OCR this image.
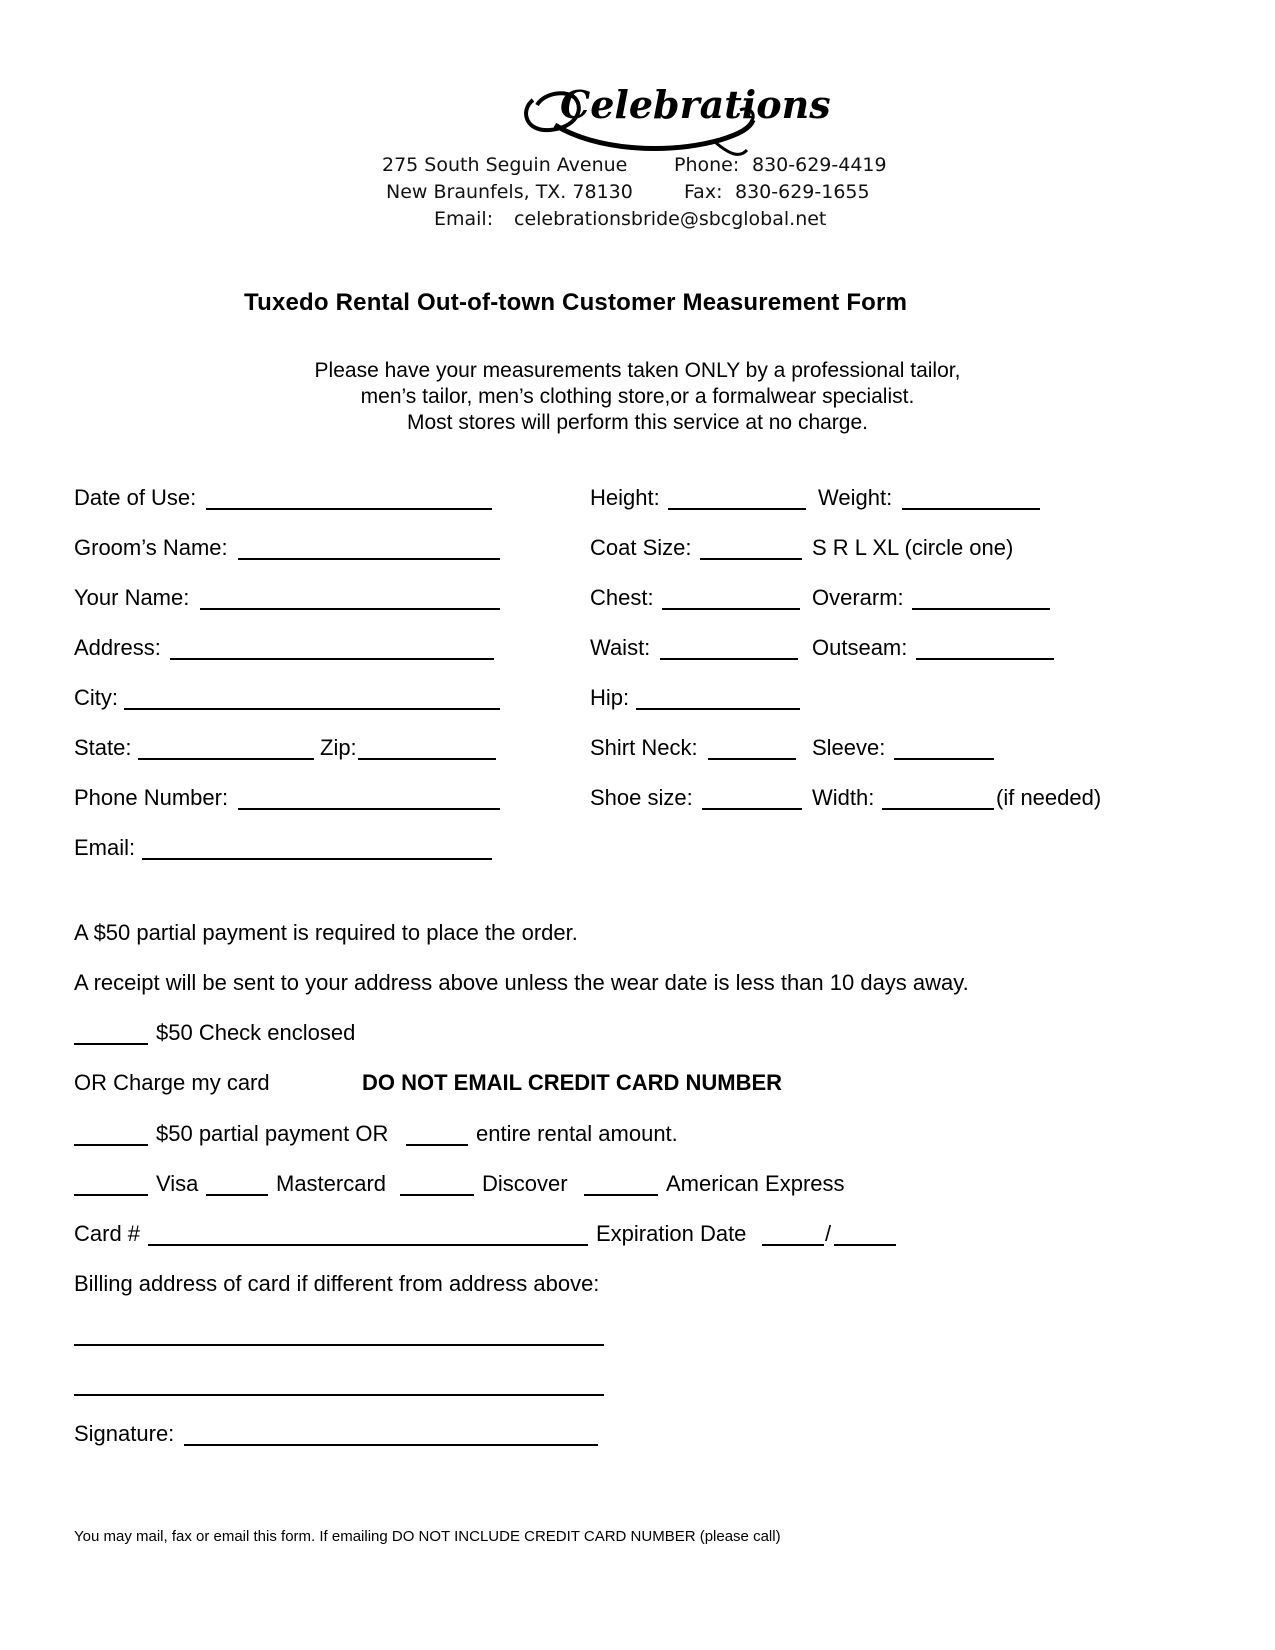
Celebrations
275 South Seguin Avenue
New Braunfels, TX. 78130
Phone: 830-629-4419
Fax: 830-629-1655
Email: celebrationsbride@sbcglobal.net
Tuxedo Rental Out-of-town Customer Measurement Form
Please have your measurements taken ONLY by a professional tailor,
men’s tailor, men’s clothing store,or a formalwear specialist.
Most stores will perform this service at no charge.
Date of Use:
Groom’s Name:
Your Name:
Address:
City:
State:	Zip:
Phone Number:
Email:
Height:	Weight:
Coat Size:	S R L XL (circle one)
Chest:	Overarm:
Waist:	Outseam:
Hip:
Shirt Neck:	Sleeve:
Shoe size:	Width:	(if needed)
A $50 partial payment is required to place the order.
A receipt will be sent to your address above unless the wear date is less than 10 days away.
$50 Check enclosed
OR Charge my card	DO NOT EMAIL CREDIT CARD NUMBER
$50 partial payment OR	entire rental amount.
Visa	Mastercard	Discover	American Express
Card #	Expiration Date	/
Billing address of card if different from address above:
Signature:
You may mail, fax or email this form. If emailing DO NOT INCLUDE CREDIT CARD NUMBER (please call)
